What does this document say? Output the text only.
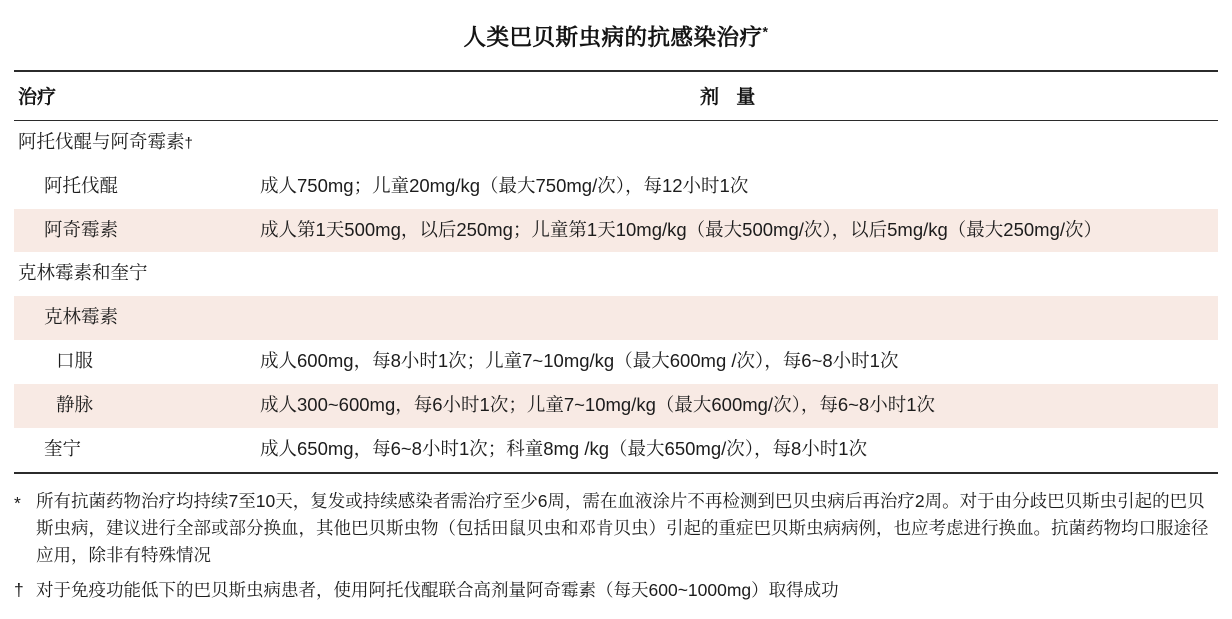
人类巴贝斯虫病的抗感染治疗*
治疗	剂 量
阿托伐醌与阿奇霉素†	
阿托伐醌	成人750mg；儿童20mg/kg（最大750mg/次），每12小时1次
阿奇霉素	成人第1天500mg，以后250mg；儿童第1天10mg/kg（最大500mg/次），以后5mg/kg（最大250mg/次）
克林霉素和奎宁	
克林霉素	
口服	成人600mg，每8小时1次；儿童7~10mg/kg（最大600mg /次），每6~8小时1次
静脉	成人300~600mg，每6小时1次；儿童7~10mg/kg（最大600mg/次），每6~8小时1次
奎宁	成人650mg，每6~8小时1次；科童8mg /kg（最大650mg/次），每8小时1次
* 所有抗菌药物治疗均持续7至10天，复发或持续感染者需治疗至少6周，需在血液涂片不再检测到巴贝虫病后再治疗2周。对于由分歧巴贝斯虫引起的巴贝斯虫病，建议进行全部或部分换血，其他巴贝斯虫物（包括田鼠贝虫和邓肯贝虫）引起的重症巴贝斯虫病病例，也应考虑进行换血。抗菌药物均口服途径应用，除非有特殊情况
† 对于免疫功能低下的巴贝斯虫病患者，使用阿托伐醌联合高剂量阿奇霉素（每天600~1000mg）取得成功
